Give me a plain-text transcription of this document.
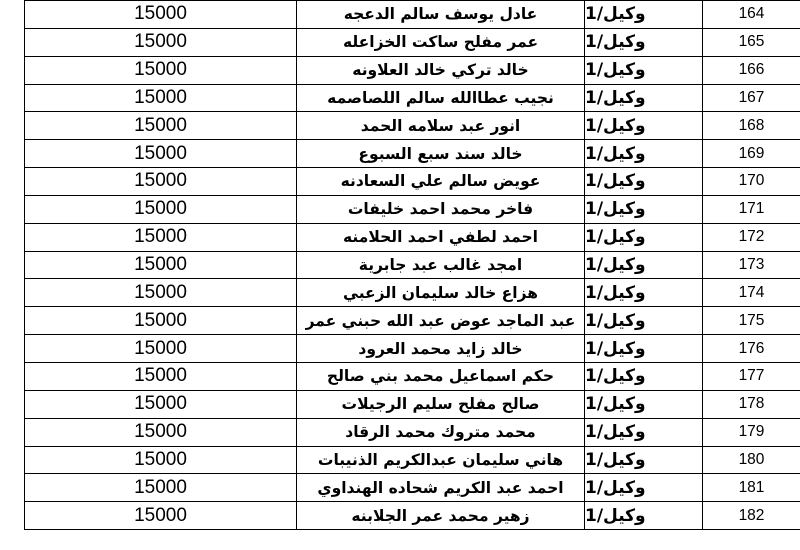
15000	عادل يوسف سالم الدعجه	وكيل/1	164
15000	عمر مفلح ساكت الخزاعله	وكيل/1	165
15000	خالد تركي خالد العلاونه	وكيل/1	166
15000	نجيب عطاالله سالم اللصاصمه	وكيل/1	167
15000	انور عبد سلامه الحمد	وكيل/1	168
15000	خالد سند سبع السبوع	وكيل/1	169
15000	عويض سالم علي السعادنه	وكيل/1	170
15000	فاخر محمد احمد خليفات	وكيل/1	171
15000	احمد لطفي احمد الحلامنه	وكيل/1	172
15000	امجد غالب عبد جابرية	وكيل/1	173
15000	هزاع خالد سليمان الزعبي	وكيل/1	174
15000	عبد الماجد عوض عبد الله حبني عمر	وكيل/1	175
15000	خالد زايد محمد العرود	وكيل/1	176
15000	حكم اسماعيل محمد بني صالح	وكيل/1	177
15000	صالح مفلح سليم الرجيلات	وكيل/1	178
15000	محمد متروك محمد الرقاد	وكيل/1	179
15000	هاني سليمان عبدالكريم الذنيبات	وكيل/1	180
15000	احمد عبد الكريم شحاده الهنداوي	وكيل/1	181
15000	زهير محمد عمر الجلابنه	وكيل/1	182
